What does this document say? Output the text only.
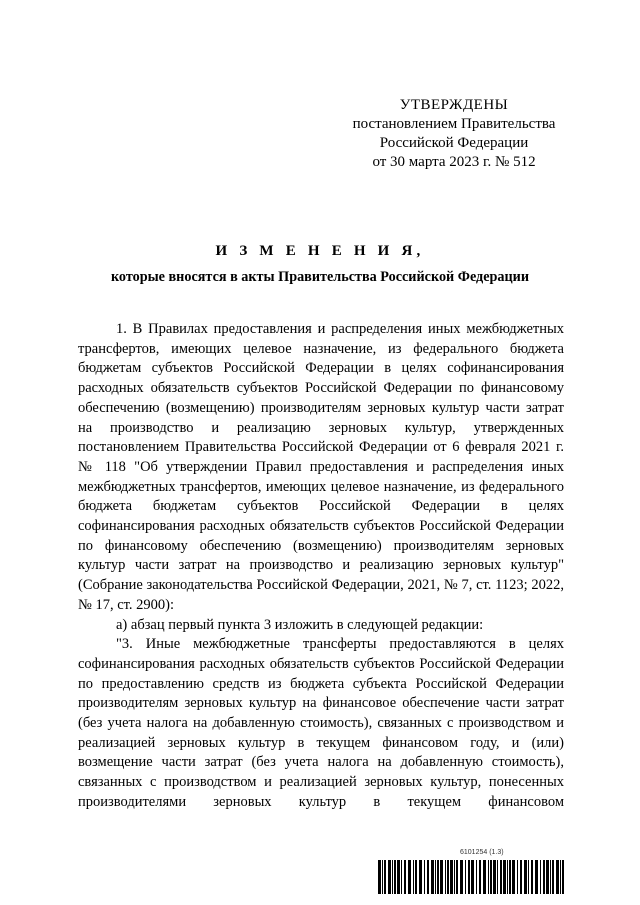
УТВЕРЖДЕНЫ
постановлением Правительства
Российской Федерации
от 30 марта 2023 г. № 512
И З М Е Н Е Н И Я,
которые вносятся в акты Правительства Российской Федерации

1. В Правилах предоставления и распределения иных межбюджетных трансфертов, имеющих целевое назначение, из федерального бюджета бюджетам субъектов Российской Федерации в целях софинансирования расходных обязательств субъектов Российской Федерации по финансовому обеспечению (возмещению) производителям зерновых культур части затрат на производство и реализацию зерновых культур, утвержденных постановлением Правительства Российской Федерации от 6 февраля 2021 г. № 118 "Об утверждении Правил предоставления и распределения иных межбюджетных трансфертов, имеющих целевое назначение, из федерального бюджета бюджетам субъектов Российской Федерации в целях софинансирования расходных обязательств субъектов Российской Федерации по финансовому обеспечению (возмещению) производителям зерновых культур части затрат на производство и реализацию зерновых культур" (Собрание законодательства Российской Федерации, 2021, № 7, ст. 1123; 2022, № 17, ст. 2900):

а) абзац первый пункта 3 изложить в следующей редакции:

"3. Иные межбюджетные трансферты предоставляются в целях софинансирования расходных обязательств субъектов Российской Федерации по предоставлению средств из бюджета субъекта Российской Федерации производителям зерновых культур на финансовое обеспечение части затрат (без учета налога на добавленную стоимость), связанных с производством и реализацией зерновых культур в текущем финансовом году, и (или) возмещение части затрат (без учета налога на добавленную стоимость), связанных с производством и реализацией зерновых культур, понесенных производителями зерновых культур в текущем финансовом

6101254 (1.3)
